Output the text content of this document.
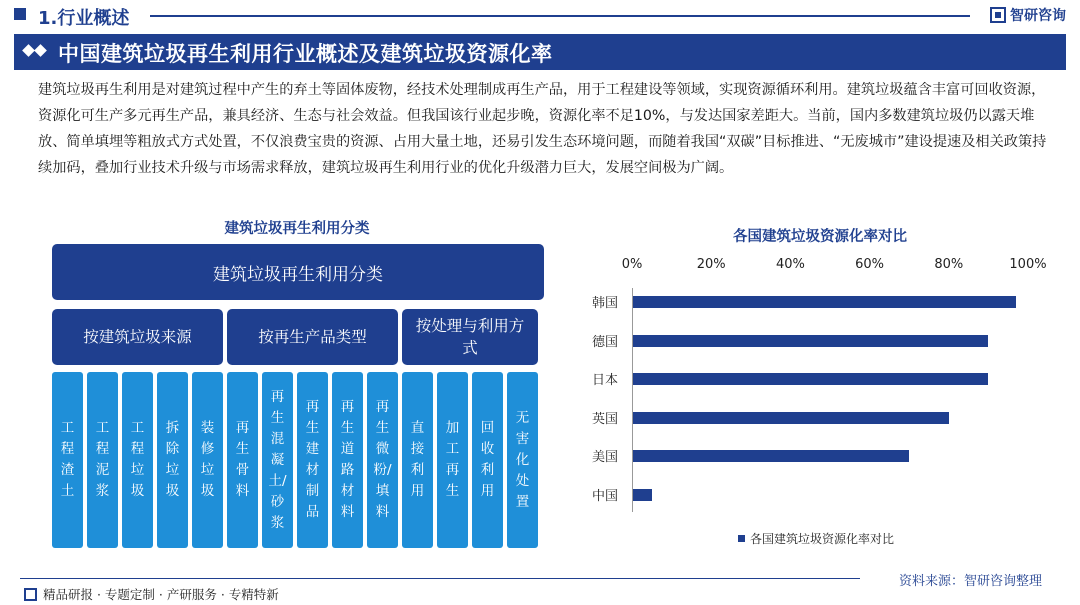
1.行业概述	智研咨询
中国建筑垃圾再生利用行业概述及建筑垃圾资源化率
建筑垃圾再生利用是对建筑过程中产生的弃土等固体废物，经技术处理制成再生产品，用于工程建设等领域，实现资源循环利用。建筑垃圾蕴含丰富可回收资源，资源化可生产多元再生产品，兼具经济、生态与社会效益。但我国该行业起步晚，资源化率不足10%，与发达国家差距大。当前，国内多数建筑垃圾仍以露天堆放、简单填埋等粗放式方式处置，不仅浪费宝贵的资源、占用大量土地，还易引发生态环境问题，而随着我国“双碳”目标推进、“无废城市”建设提速及相关政策持续加码，叠加行业技术升级与市场需求释放，建筑垃圾再生利用行业的优化升级潜力巨大，发展空间极为广阔。
建筑垃圾再生利用分类
建筑垃圾再生利用分类
按建筑垃圾来源
工程渣土
工程泥浆
工程垃圾
拆除垃圾
装修垃圾
按再生产品类型
再生骨料
再生混凝土/砂浆
再生建材制品
再生道路材料
再生微粉/填料
按处理与利用方式
直接利用
加工再生
回收利用
无害化处置
各国建筑垃圾资源化率对比
0%	20%	40%	60%	80%	100%
韩国
德国
日本
英国
美国
中国
各国建筑垃圾资源化率对比
精品研报 · 专题定制 · 产研服务 · 专精特新
资料来源：智研咨询整理
